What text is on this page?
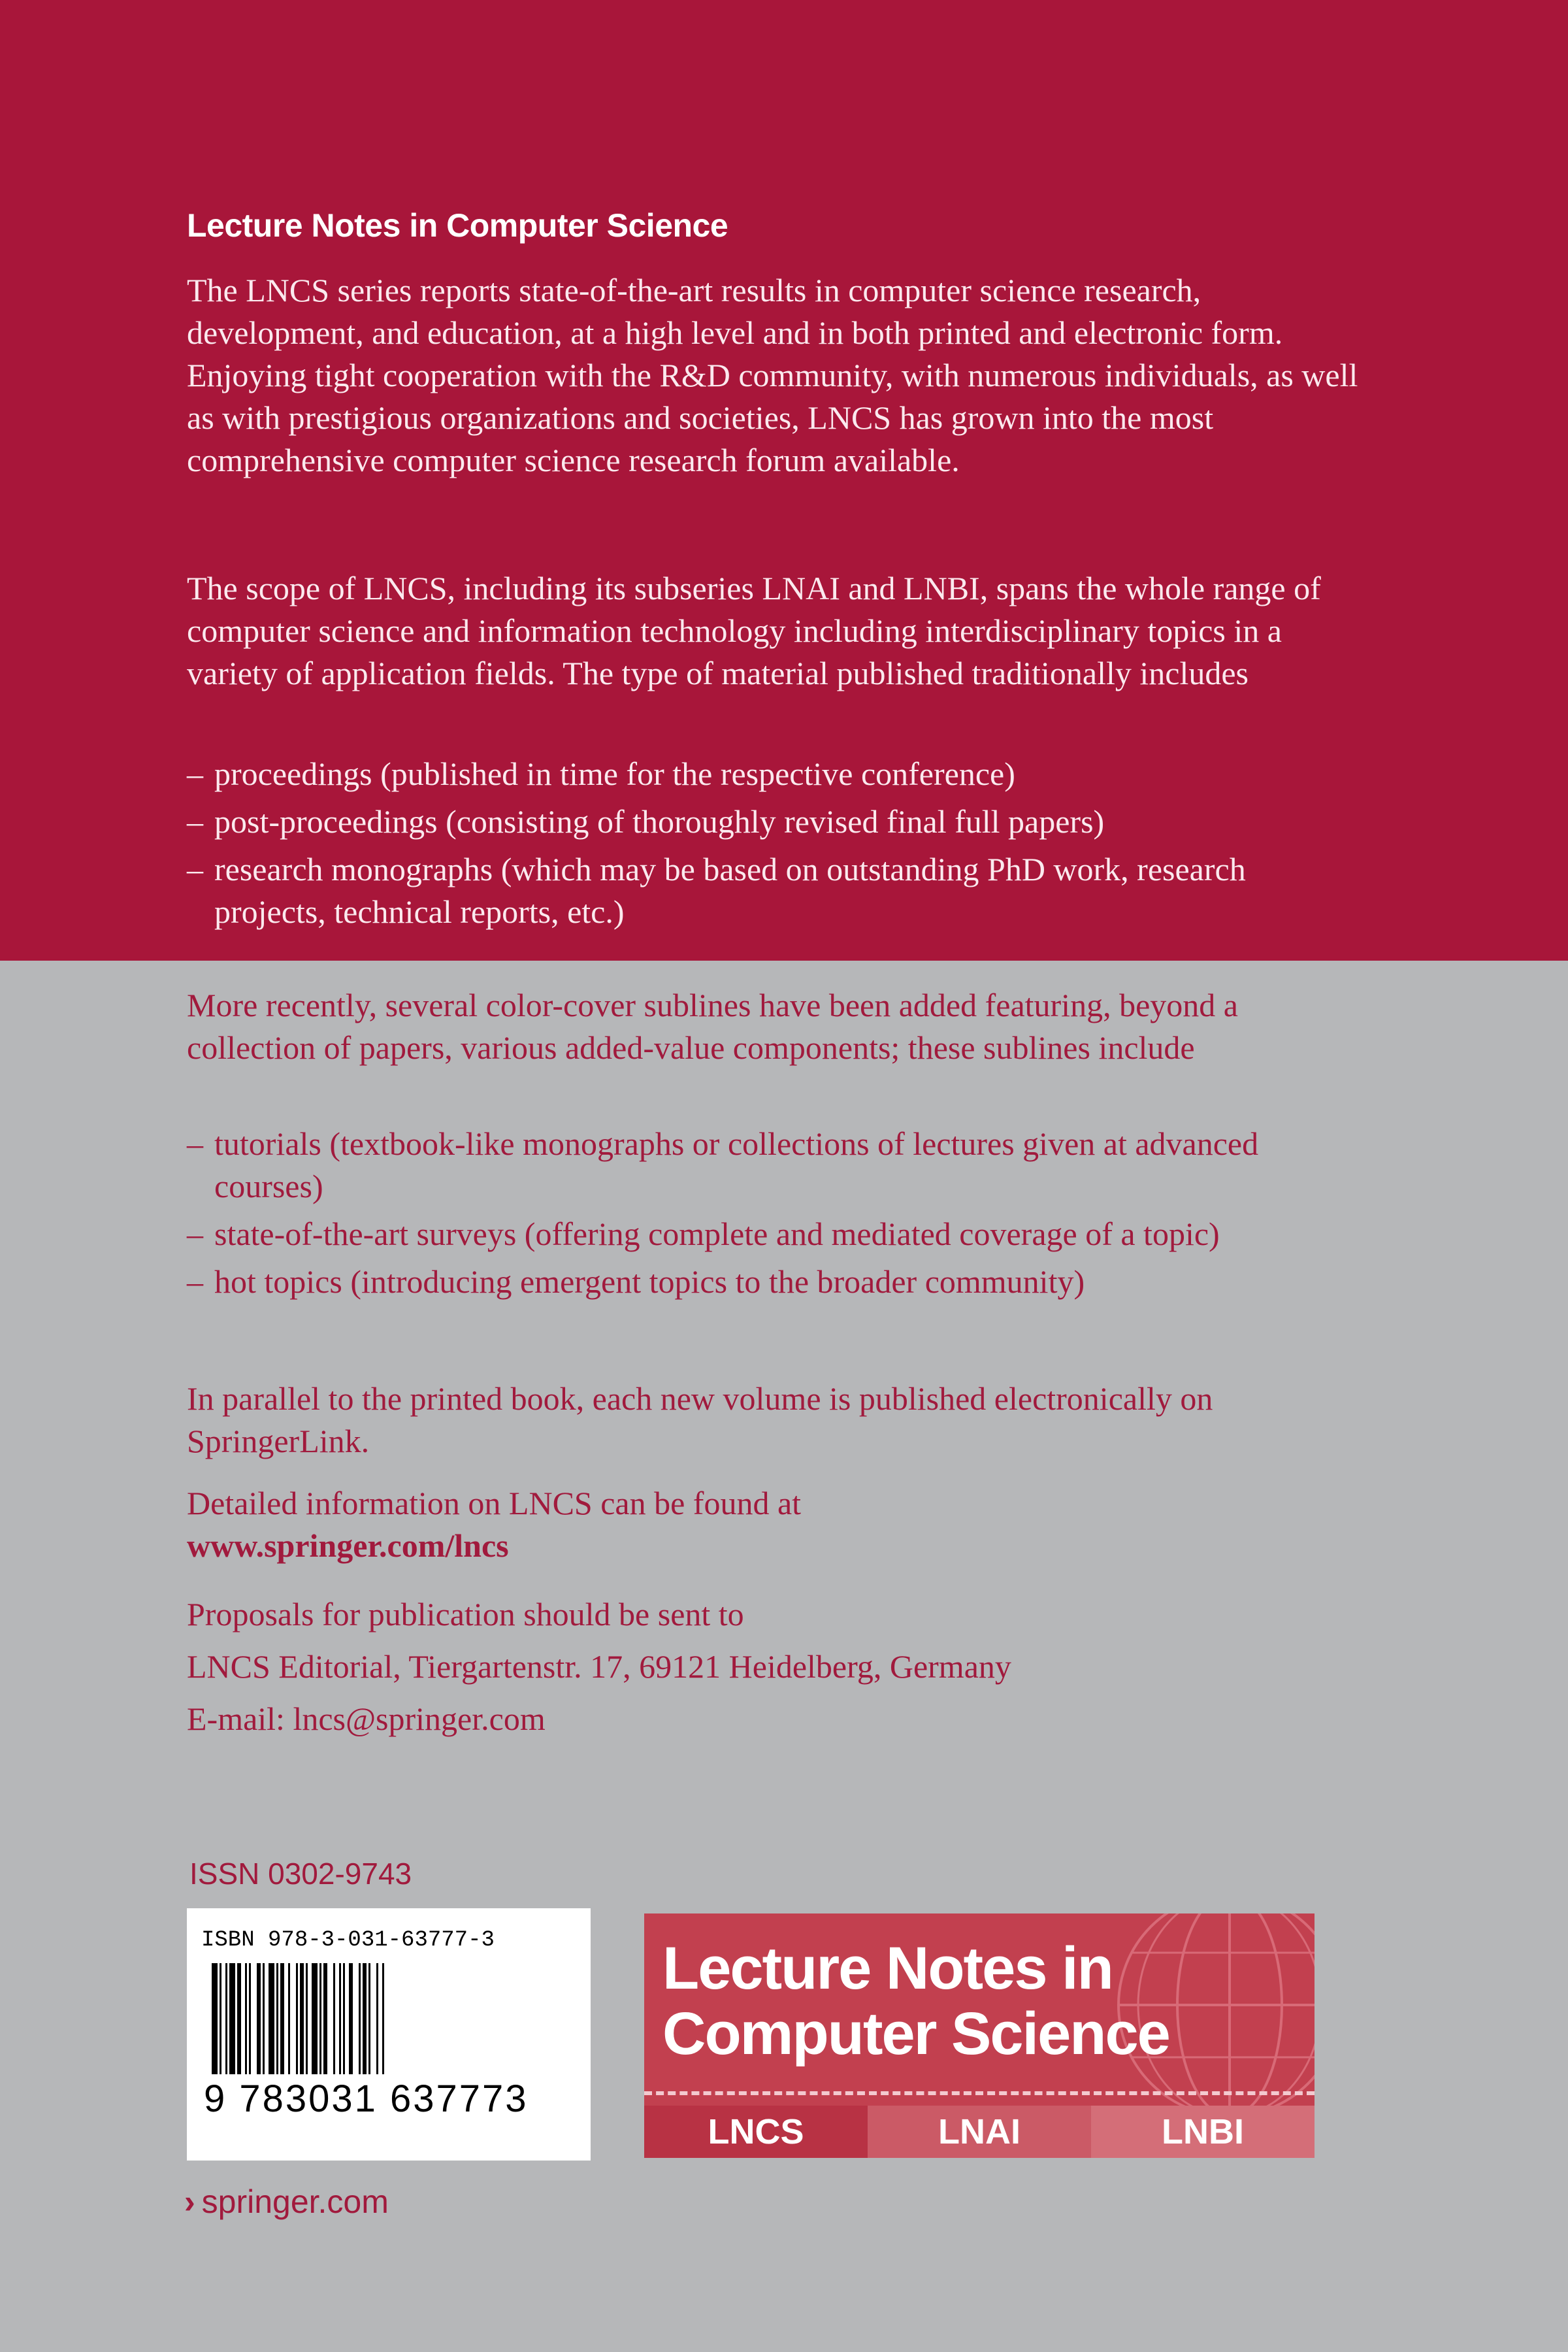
Lecture Notes in Computer Science

The LNCS series reports state-of-the-art results in computer science research, development, and education, at a high level and in both printed and electronic form. Enjoying tight cooperation with the R&D community, with numerous individuals, as well as with prestigious organizations and societies, LNCS has grown into the most comprehensive computer science research forum available.

The scope of LNCS, including its subseries LNAI and LNBI, spans the whole range of computer science and information technology including interdisciplinary topics in a variety of application fields. The type of material published traditionally includes

– proceedings (published in time for the respective conference)
– post-proceedings (consisting of thoroughly revised final full papers)
– research monographs (which may be based on outstanding PhD work, research projects, technical reports, etc.)

More recently, several color-cover sublines have been added featuring, beyond a collection of papers, various added-value components; these sublines include

– tutorials (textbook-like monographs or collections of lectures given at advanced courses)
– state-of-the-art surveys (offering complete and mediated coverage of a topic)
– hot topics (introducing emergent topics to the broader community)

In parallel to the printed book, each new volume is published electronically on SpringerLink.

Detailed information on LNCS can be found at
www.springer.com/lncs

Proposals for publication should be sent to
LNCS Editorial, Tiergartenstr. 17, 69121 Heidelberg, Germany
E-mail: lncs@springer.com

ISSN 0302-9743
ISBN 978-3-031-63777-3
9 783031 637773

Lecture Notes in
Computer Science

LNCS	LNAI	LNBI
› springer.com
